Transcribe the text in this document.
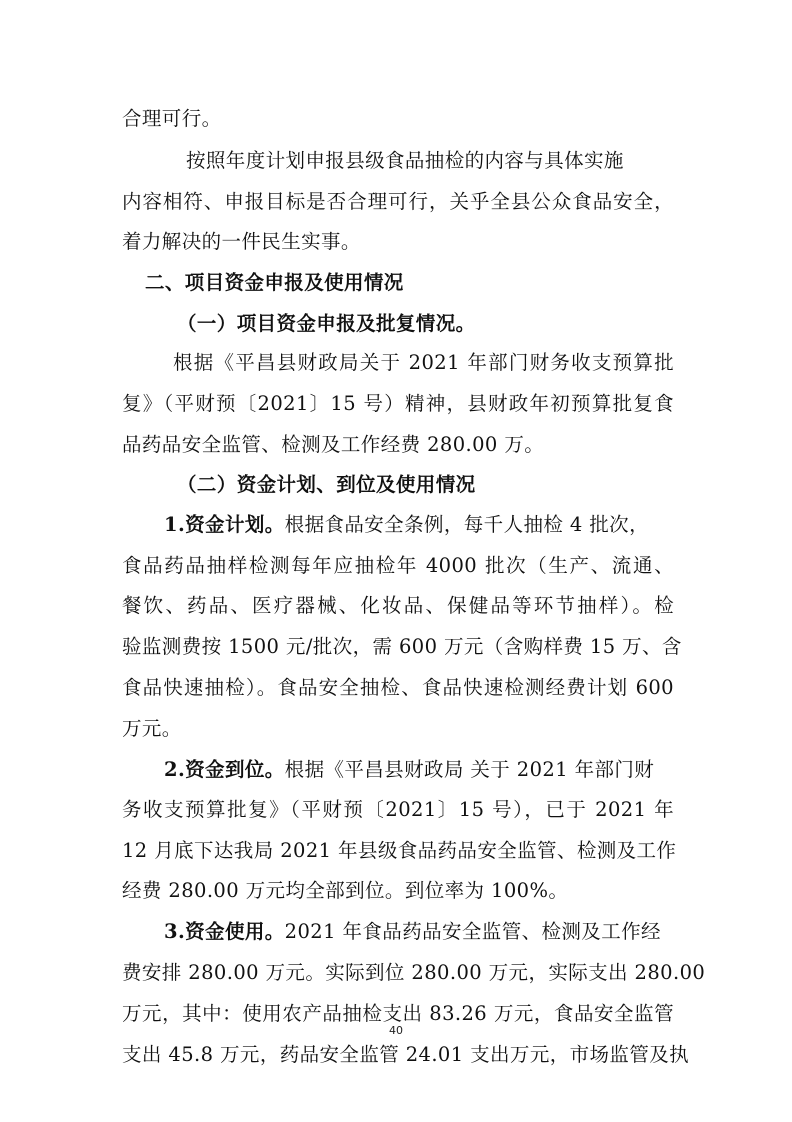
合理可行。
按照年度计划申报县级食品抽检的内容与具体实施
内容相符、申报目标是否合理可行，关乎全县公众食品安全，
着力解决的一件民生实事。
二、项目资金申报及使用情况
（一）项目资金申报及批复情况。
根据《平昌县财政局关于 2021 年部门财务收支预算批
复》（平财预〔2021〕15 号）精神，县财政年初预算批复食
品药品安全监管、检测及工作经费 280.00 万。
（二）资金计划、到位及使用情况
1.资金计划。根据食品安全条例，每千人抽检 4 批次，
食品药品抽样检测每年应抽检年 4000 批次（生产、流通、
餐饮、药品、医疗器械、化妆品、保健品等环节抽样）。检
验监测费按 1500 元/批次，需 600 万元（含购样费 15 万、含
食品快速抽检）。食品安全抽检、食品快速检测经费计划 600
万元。
2.资金到位。根据《平昌县财政局 关于 2021 年部门财
务收支预算批复》（平财预〔2021〕15 号），已于 2021 年
12 月底下达我局 2021 年县级食品药品安全监管、检测及工作
经费 280.00 万元均全部到位。到位率为 100%。
3.资金使用。2021 年食品药品安全监管、检测及工作经
费安排 280.00 万元。实际到位 280.00 万元，实际支出 280.00
万元，其中：使用农产品抽检支出 83.26 万元，食品安全监管
支出 45.8 万元，药品安全监管 24.01 支出万元，市场监管及执
40
